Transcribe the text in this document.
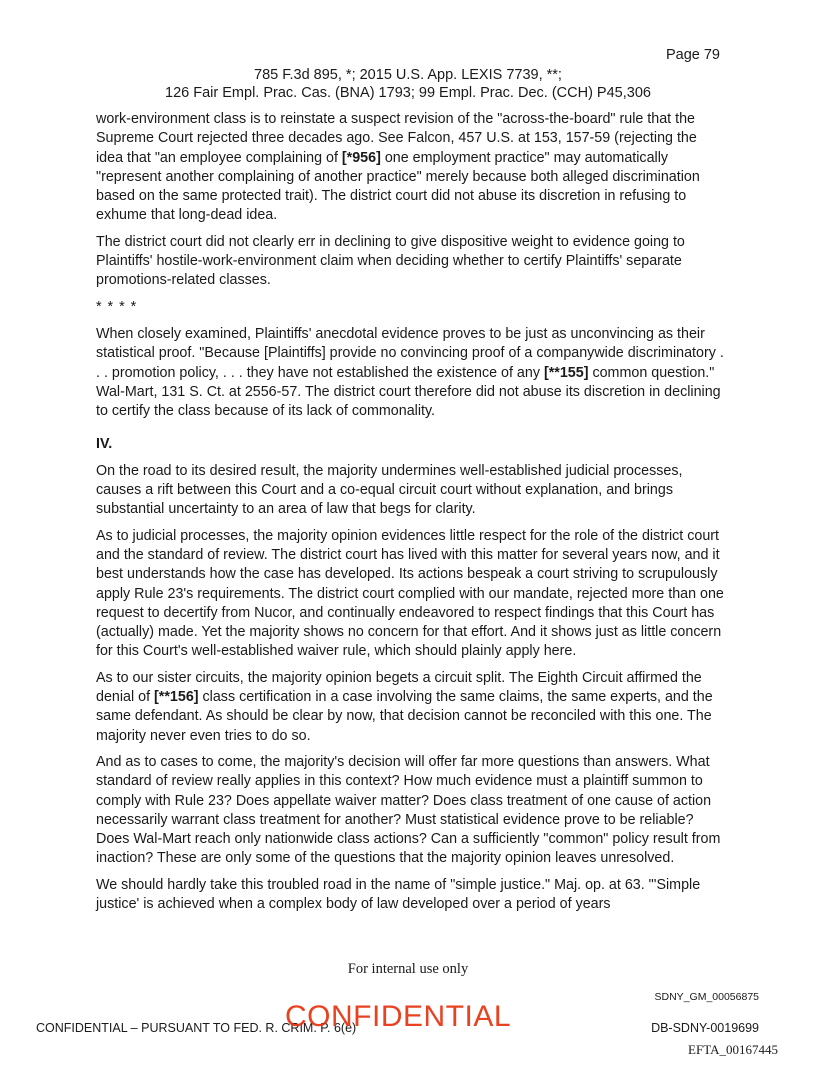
Page 79
785 F.3d 895, *; 2015 U.S. App. LEXIS 7739, **;
126 Fair Empl. Prac. Cas. (BNA) 1793; 99 Empl. Prac. Dec. (CCH) P45,306

work-environment class is to reinstate a suspect revision of the "across-the-board" rule that the Supreme Court rejected three decades ago. See Falcon, 457 U.S. at 153, 157-59 (rejecting the idea that "an employee complaining of [*956] one employment practice" may automatically "represent another complaining of another practice" merely because both alleged discrimination based on the same protected trait). The district court did not abuse its discretion in refusing to exhume that long-dead idea.

The district court did not clearly err in declining to give dispositive weight to evidence going to Plaintiffs' hostile-work-environment claim when deciding whether to certify Plaintiffs' separate promotions-related classes.

* * * *

When closely examined, Plaintiffs' anecdotal evidence proves to be just as unconvincing as their statistical proof. "Because [Plaintiffs] provide no convincing proof of a companywide discriminatory . . . promotion policy, . . . they have not established the existence of any [**155] common question." Wal-Mart, 131 S. Ct. at 2556-57. The district court therefore did not abuse its discretion in declining to certify the class because of its lack of commonality.

IV.

On the road to its desired result, the majority undermines well-established judicial processes, causes a rift between this Court and a co-equal circuit court without explanation, and brings substantial uncertainty to an area of law that begs for clarity.

As to judicial processes, the majority opinion evidences little respect for the role of the district court and the standard of review. The district court has lived with this matter for several years now, and it best understands how the case has developed. Its actions bespeak a court striving to scrupulously apply Rule 23's requirements. The district court complied with our mandate, rejected more than one request to decertify from Nucor, and continually endeavored to respect findings that this Court has (actually) made. Yet the majority shows no concern for that effort. And it shows just as little concern for this Court's well-established waiver rule, which should plainly apply here.

As to our sister circuits, the majority opinion begets a circuit split. The Eighth Circuit affirmed the denial of [**156] class certification in a case involving the same claims, the same experts, and the same defendant. As should be clear by now, that decision cannot be reconciled with this one. The majority never even tries to do so.

And as to cases to come, the majority's decision will offer far more questions than answers. What standard of review really applies in this context? How much evidence must a plaintiff summon to comply with Rule 23? Does appellate waiver matter? Does class treatment of one cause of action necessarily warrant class treatment for another? Must statistical evidence prove to be reliable? Does Wal-Mart reach only nationwide class actions? Can a sufficiently "common" policy result from inaction? These are only some of the questions that the majority opinion leaves unresolved.

We should hardly take this troubled road in the name of "simple justice." Maj. op. at 63. "'Simple justice' is achieved when a complex body of law developed over a period of years

For internal use only
SDNY_GM_00056875
CONFIDENTIAL – PURSUANT TO FED. R. CRIM. P. 6(e)
CONFIDENTIAL	DB-SDNY-0019699
EFTA_00167445
